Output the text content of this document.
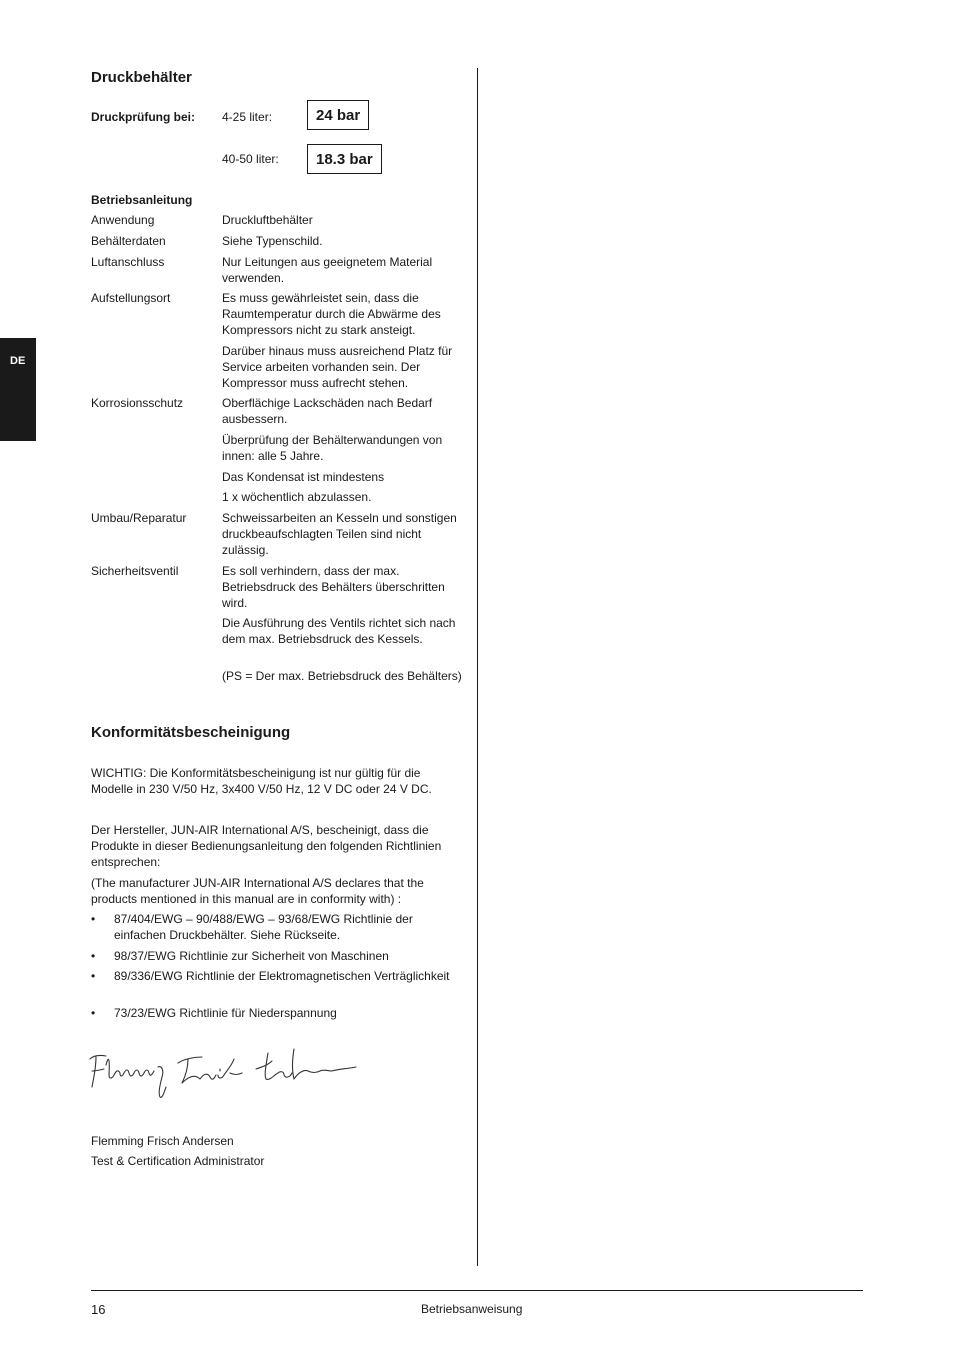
DE
Druckbehälter
Druckprüfung bei: 4-25 liter:	24 bar
40-50 liter:	18.3 bar
Betriebsanleitung
Anwendung	Druckluftbehälter
Behälterdaten	Siehe Typenschild.
Luftanschluss	Nur Leitungen aus geeignetem Material verwenden.
Aufstellungsort	Es muss gewährleistet sein, dass die Raumtemperatur durch die Abwärme des Kompressors nicht zu stark ansteigt.
Darüber hinaus muss ausreichend Platz für Service arbeiten vorhanden sein. Der Kompressor muss aufrecht stehen.
Korrosionsschutz	Oberflächige Lackschäden nach Bedarf ausbessern.
Überprüfung der Behälterwandungen von innen: alle 5 Jahre.
Das Kondensat ist mindestens
1 x wöchentlich abzulassen.
Umbau/Reparatur	Schweissarbeiten an Kesseln und sonstigen druckbeaufschlagten Teilen sind nicht zulässig.
Sicherheitsventil	Es soll verhindern, dass der max. Betriebsdruck des Behälters überschritten wird.
Die Ausführung des Ventils richtet sich nach dem max. Betriebsdruck des Kessels.
(PS = Der max. Betriebsdruck des Behälters)
Konformitätsbescheinigung
WICHTIG: Die Konformitätsbescheinigung ist nur gültig für die Modelle in 230 V/50 Hz, 3x400 V/50 Hz, 12 V DC oder 24 V DC.
Der Hersteller, JUN-AIR International A/S, bescheinigt, dass die Produkte in dieser Bedienungsanleitung den folgenden Richtlinien entsprechen:
(The manufacturer JUN-AIR International A/S declares that the products mentioned in this manual are in conformity with) :
• 87/404/EWG – 90/488/EWG – 93/68/EWG Richtlinie der einfachen Druckbehälter. Siehe Rückseite.
• 98/37/EWG Richtlinie zur Sicherheit von Maschinen
• 89/336/EWG Richtlinie der Elektromagnetischen Verträglichkeit
• 73/23/EWG Richtlinie für Niederspannung
Flemming Frisch Andersen
Test & Certification Administrator
16	Betriebsanweisung
